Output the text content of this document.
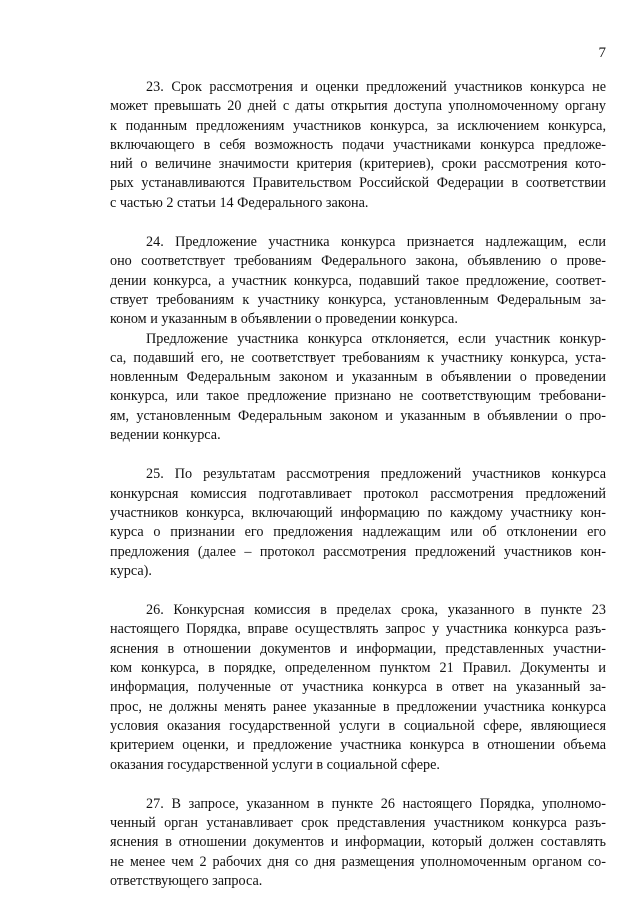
7
23. Срок рассмотрения и оценки предложений участников конкурса не
может превышать 20 дней с даты открытия доступа уполномоченному органу
к поданным предложениям участников конкурса, за исключением конкурса,
включающего в себя возможность подачи участниками конкурса предложе-
ний о величине значимости критерия (критериев), сроки рассмотрения кото-
рых устанавливаются Правительством Российской Федерации в соответствии
с частью 2 статьи 14 Федерального закона.
24. Предложение участника конкурса признается надлежащим, если
оно соответствует требованиям Федерального закона, объявлению о прове-
дении конкурса, а участник конкурса, подавший такое предложение, соответ-
ствует требованиям к участнику конкурса, установленным Федеральным за-
коном и указанным в объявлении о проведении конкурса.
Предложение участника конкурса отклоняется, если участник конкур-
са, подавший его, не соответствует требованиям к участнику конкурса, уста-
новленным Федеральным законом и указанным в объявлении о проведении
конкурса, или такое предложение признано не соответствующим требовани-
ям, установленным Федеральным законом и указанным в объявлении о про-
ведении конкурса.
25. По результатам рассмотрения предложений участников конкурса
конкурсная комиссия подготавливает протокол рассмотрения предложений
участников конкурса, включающий информацию по каждому участнику кон-
курса о признании его предложения надлежащим или об отклонении его
предложения (далее – протокол рассмотрения предложений участников кон-
курса).
26. Конкурсная комиссия в пределах срока, указанного в пункте 23
настоящего Порядка, вправе осуществлять запрос у участника конкурса разъ-
яснения в отношении документов и информации, представленных участни-
ком конкурса, в порядке, определенном пунктом 21 Правил. Документы и
информация, полученные от участника конкурса в ответ на указанный за-
прос, не должны менять ранее указанные в предложении участника конкурса
условия оказания государственной услуги в социальной сфере, являющиеся
критерием оценки, и предложение участника конкурса в отношении объема
оказания государственной услуги в социальной сфере.
27. В запросе, указанном в пункте 26 настоящего Порядка, уполномо-
ченный орган устанавливает срок представления участником конкурса разъ-
яснения в отношении документов и информации, который должен составлять
не менее чем 2 рабочих дня со дня размещения уполномоченным органом со-
ответствующего запроса.
